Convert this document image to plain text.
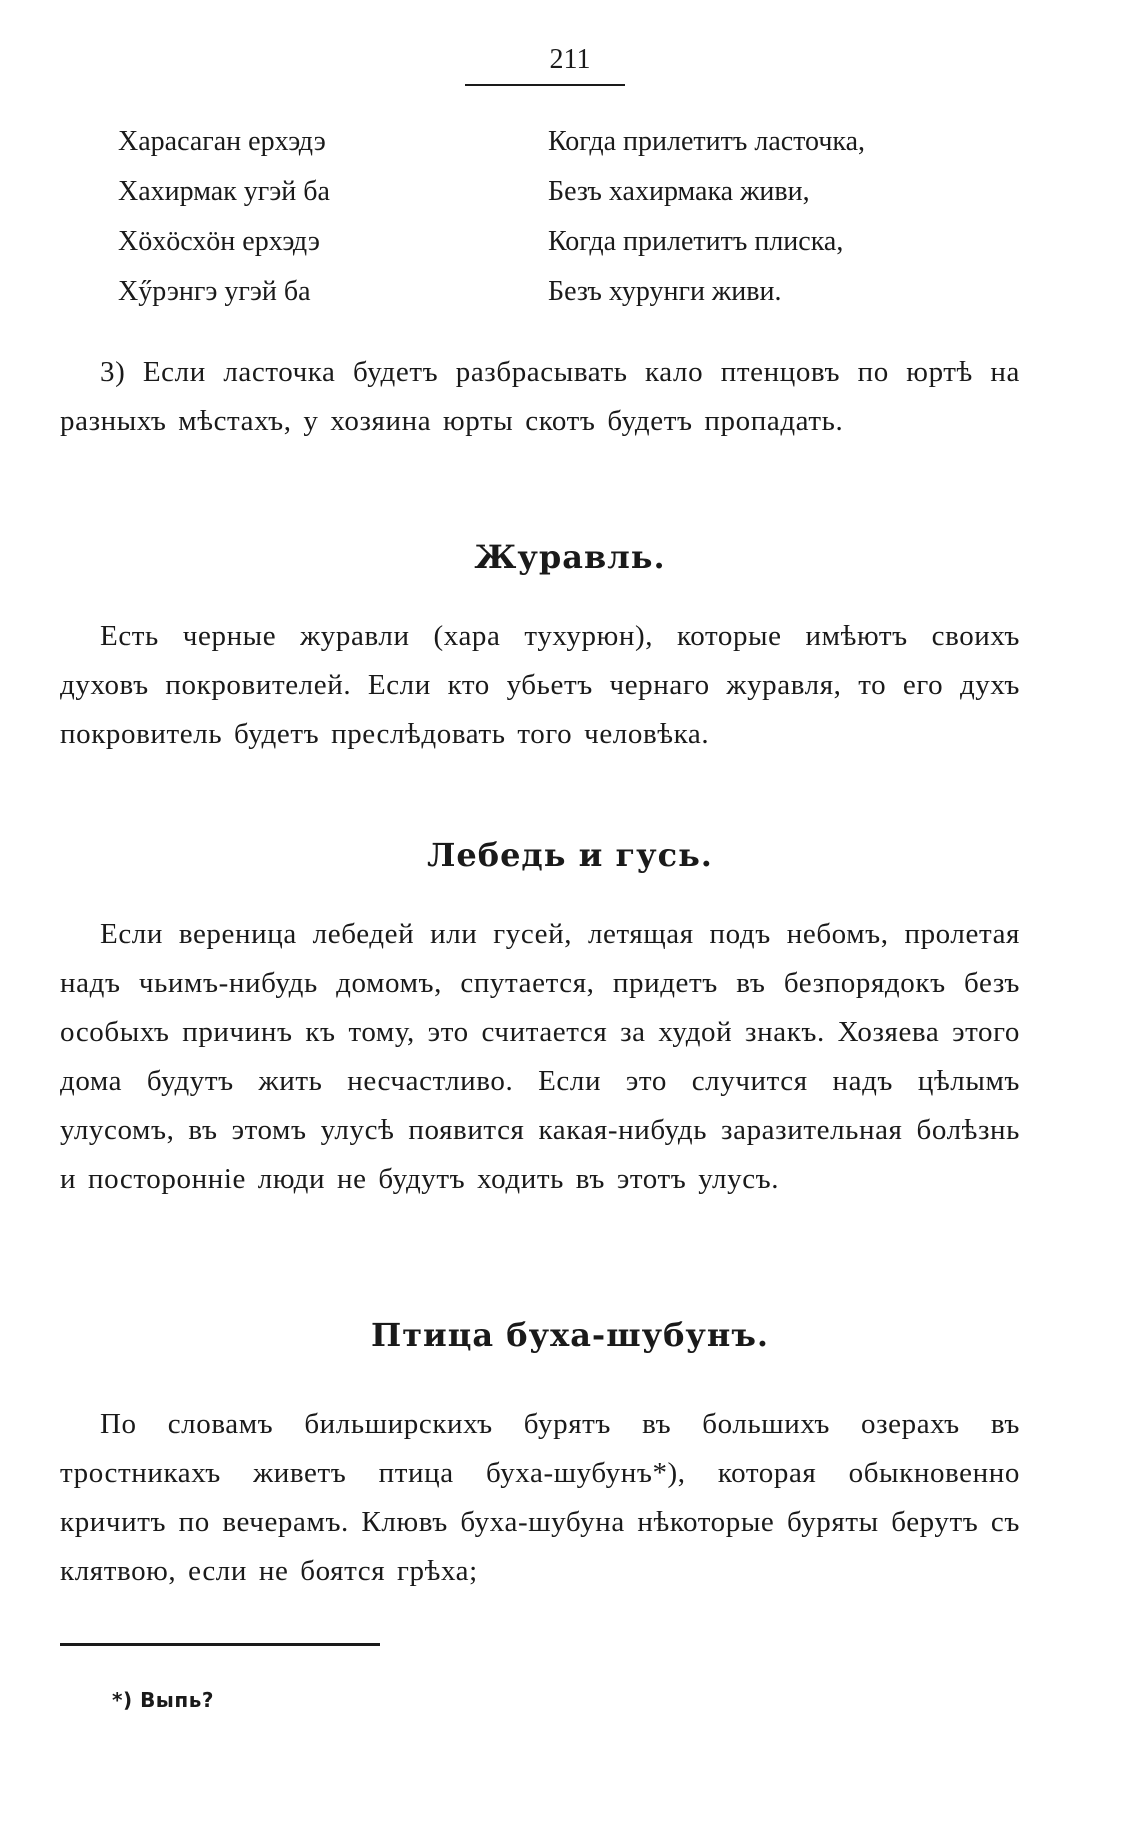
211
Харасаган ерхэдэ	Когда прилетитъ ласточка,
Хахирмак угэй ба	Безъ хахирмака живи,
Хӧхӧсхӧн ерхэдэ	Когда прилетитъ плиска,
Хӳрэнгэ угэй ба	Безъ хурунги живи.

3) Если ласточка будетъ разбрасывать кало птенцовъ по юртѣ на разныхъ мѣстахъ, у хозяина юрты скотъ будетъ пропадать.

Журавль.

Есть черные журавли (хара тухурюн), которые имѣютъ своихъ духовъ покровителей. Если кто убьетъ чернаго журавля, то его духъ покровитель будетъ преслѣдовать того человѣка.

Лебедь и гусь.

Если вереница лебедей или гусей, летящая подъ небомъ, пролетая надъ чьимъ-нибудь домомъ, спутается, придетъ въ безпорядокъ безъ особыхъ причинъ къ тому, это считается за худой знакъ. Хозяева этого дома будутъ жить несчастливо. Если это случится надъ цѣлымъ улусомъ, въ этомъ улусѣ появится какая-нибудь заразительная болѣзнь и посторонніе люди не будутъ ходить въ этотъ улусъ.

Птица буха-шубунъ.

По словамъ бильширскихъ бурятъ въ большихъ озерахъ въ тростникахъ живетъ птица буха-шубунъ*), которая обыкновенно кричитъ по вечерамъ. Клювъ буха-шубуна нѣкоторые буряты берутъ съ клятвою, если не боятся грѣха;

*) Выпь?
